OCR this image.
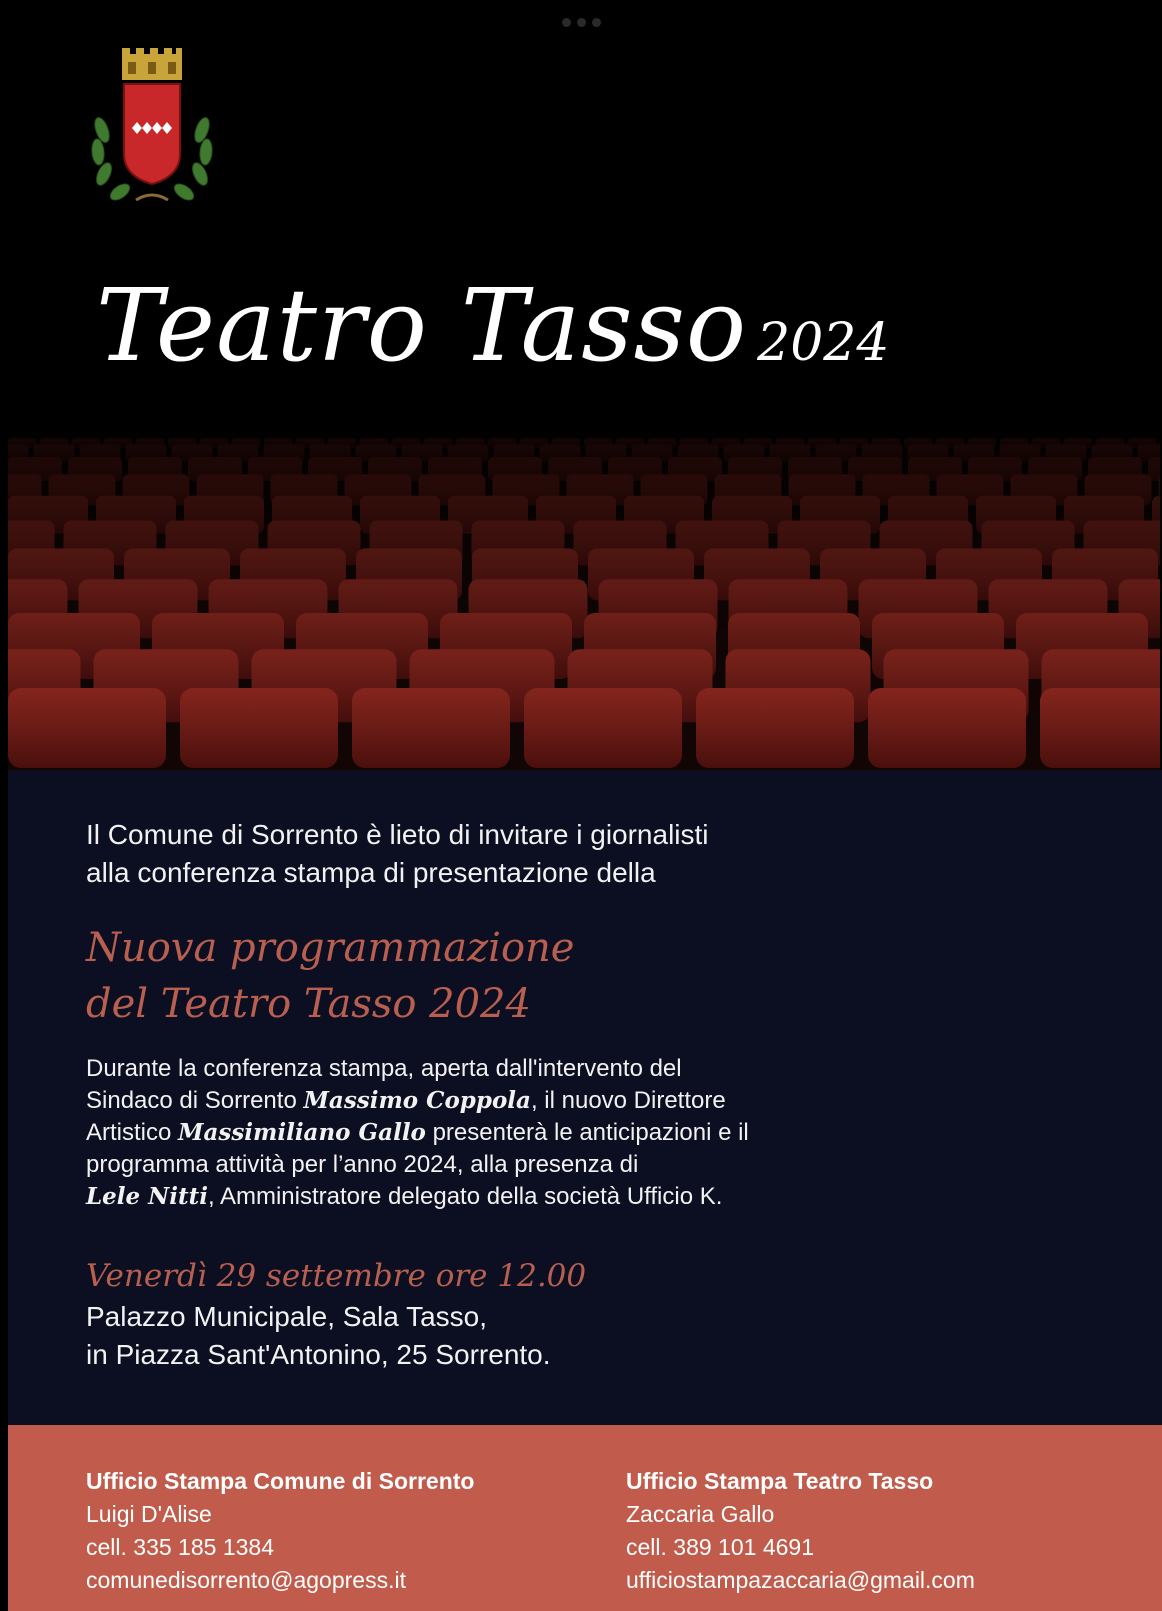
Teatro Tasso 2024

Il Comune di Sorrento è lieto di invitare i giornalisti
alla conferenza stampa di presentazione della

Nuova programmazione
del Teatro Tasso 2024

Durante la conferenza stampa, aperta dall'intervento del
Sindaco di Sorrento Massimo Coppola, il nuovo Direttore
Artistico Massimiliano Gallo presenterà le anticipazioni e il
programma attività per l’anno 2024, alla presenza di
Lele Nitti, Amministratore delegato della società Ufficio K.

Venerdì 29 settembre ore 12.00

Palazzo Municipale, Sala Tasso,
in Piazza Sant'Antonino, 25 Sorrento.

Ufficio Stampa Comune di Sorrento
Luigi D'Alise
cell. 335 185 1384
comunedisorrento@agopress.it
Ufficio Stampa Teatro Tasso
Zaccaria Gallo
cell. 389 101 4691
ufficiostampazaccaria@gmail.com
